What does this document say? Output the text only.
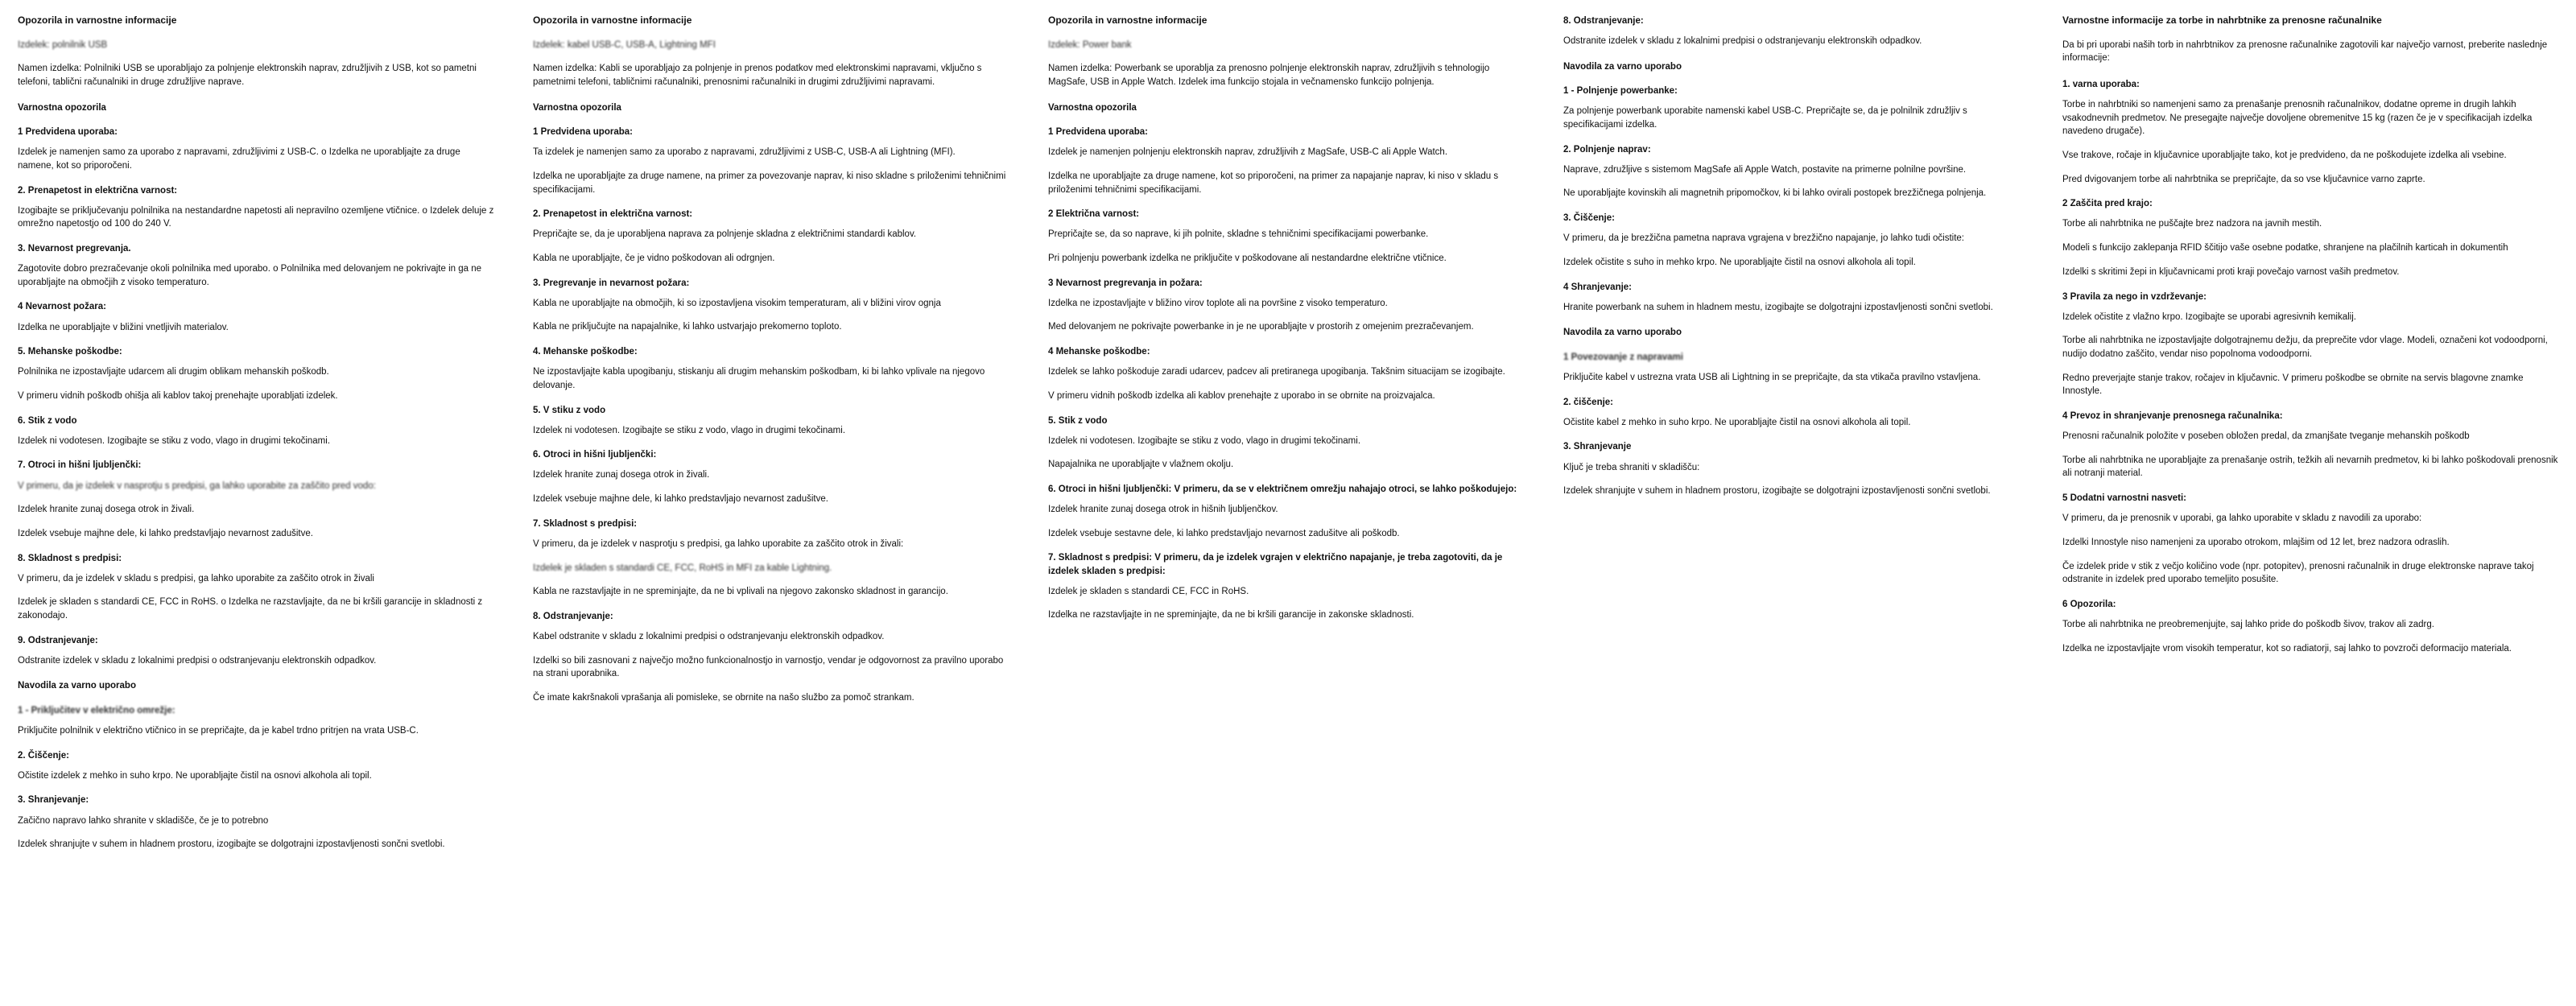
Opozorila in varnostne informacije

Izdelek: polnilnik USB

Namen izdelka: Polnilniki USB se uporabljajo za polnjenje elektronskih naprav, združljivih z USB, kot so pametni telefoni, tablični računalniki in druge združljive naprave.

Varnostna opozorila
1 Predvidena uporaba:

Izdelek je namenjen samo za uporabo z napravami, združljivimi z USB-C. o Izdelka ne uporabljajte za druge namene, kot so priporočeni.

2. Prenapetost in električna varnost:

Izogibajte se priključevanju polnilnika na nestandardne napetosti ali nepravilno ozemljene vtičnice. o Izdelek deluje z omrežno napetostjo od 100 do 240 V.

3. Nevarnost pregrevanja.

Zagotovite dobro prezračevanje okoli polnilnika med uporabo. o Polnilnika med delovanjem ne pokrivajte in ga ne uporabljajte na območjih z visoko temperaturo.

4 Nevarnost požara:

Izdelka ne uporabljajte v bližini vnetljivih materialov.

5. Mehanske poškodbe:

Polnilnika ne izpostavljajte udarcem ali drugim oblikam mehanskih poškodb.

V primeru vidnih poškodb ohišja ali kablov takoj prenehajte uporabljati izdelek.

6. Stik z vodo

Izdelek ni vodotesen. Izogibajte se stiku z vodo, vlago in drugimi tekočinami.

7. Otroci in hišni ljubljenčki:

V primeru, da je izdelek v nasprotju s predpisi, ga lahko uporabite za zaščito pred vodo:

Izdelek hranite zunaj dosega otrok in živali.

Izdelek vsebuje majhne dele, ki lahko predstavljajo nevarnost zadušitve.

8. Skladnost s predpisi:

V primeru, da je izdelek v skladu s predpisi, ga lahko uporabite za zaščito otrok in živali

Izdelek je skladen s standardi CE, FCC in RoHS. o Izdelka ne razstavljajte, da ne bi kršili garancije in skladnosti z zakonodajo.

9. Odstranjevanje:

Odstranite izdelek v skladu z lokalnimi predpisi o odstranjevanju elektronskih odpadkov.

Navodila za varno uporabo
1 - Priključitev v električno omrežje:

Priključite polnilnik v električno vtičnico in se prepričajte, da je kabel trdno pritrjen na vrata USB-C.

2. Čiščenje:

Očistite izdelek z mehko in suho krpo. Ne uporabljajte čistil na osnovi alkohola ali topil.

3. Shranjevanje:

Začično napravo lahko shranite v skladišče, če je to potrebno

Izdelek shranjujte v suhem in hladnem prostoru, izogibajte se dolgotrajni izpostavljenosti sončni svetlobi.

Opozorila in varnostne informacije

Izdelek: kabel USB-C, USB-A, Lightning MFI

Namen izdelka: Kabli se uporabljajo za polnjenje in prenos podatkov med elektronskimi napravami, vključno s pametnimi telefoni, tabličnimi računalniki, prenosnimi računalniki in drugimi združljivimi napravami.

Varnostna opozorila
1 Predvidena uporaba:

Ta izdelek je namenjen samo za uporabo z napravami, združljivimi z USB-C, USB-A ali Lightning (MFI).

Izdelka ne uporabljajte za druge namene, na primer za povezovanje naprav, ki niso skladne s priloženimi tehničnimi specifikacijami.

2. Prenapetost in električna varnost:

Prepričajte se, da je uporabljena naprava za polnjenje skladna z električnimi standardi kablov.

Kabla ne uporabljajte, če je vidno poškodovan ali odrgnjen.

3. Pregrevanje in nevarnost požara:

Kabla ne uporabljajte na območjih, ki so izpostavljena visokim temperaturam, ali v bližini virov ognja

Kabla ne priključujte na napajalnike, ki lahko ustvarjajo prekomerno toploto.

4. Mehanske poškodbe:

Ne izpostavljajte kabla upogibanju, stiskanju ali drugim mehanskim poškodbam, ki bi lahko vplivale na njegovo delovanje.

5. V stiku z vodo

Izdelek ni vodotesen. Izogibajte se stiku z vodo, vlago in drugimi tekočinami.

6. Otroci in hišni ljubljenčki:

Izdelek hranite zunaj dosega otrok in živali.

Izdelek vsebuje majhne dele, ki lahko predstavljajo nevarnost zadušitve.

7. Skladnost s predpisi:

V primeru, da je izdelek v nasprotju s predpisi, ga lahko uporabite za zaščito otrok in živali:

Izdelek je skladen s standardi CE, FCC, RoHS in MFI za kable Lightning.

Kabla ne razstavljajte in ne spreminjajte, da ne bi vplivali na njegovo zakonsko skladnost in garancijo.

8. Odstranjevanje:

Kabel odstranite v skladu z lokalnimi predpisi o odstranjevanju elektronskih odpadkov.

Izdelki so bili zasnovani z največjo možno funkcionalnostjo in varnostjo, vendar je odgovornost za pravilno uporabo na strani uporabnika.

Če imate kakršnakoli vprašanja ali pomisleke, se obrnite na našo službo za pomoč strankam.

Opozorila in varnostne informacije

Izdelek: Power bank

Namen izdelka: Powerbank se uporablja za prenosno polnjenje elektronskih naprav, združljivih s tehnologijo MagSafe, USB in Apple Watch. Izdelek ima funkcijo stojala in večnamensko funkcijo polnjenja.

Varnostna opozorila
1 Predvidena uporaba:

Izdelek je namenjen polnjenju elektronskih naprav, združljivih z MagSafe, USB-C ali Apple Watch.

Izdelka ne uporabljajte za druge namene, kot so priporočeni, na primer za napajanje naprav, ki niso v skladu s priloženimi tehničnimi specifikacijami.

2 Električna varnost:

Prepričajte se, da so naprave, ki jih polnite, skladne s tehničnimi specifikacijami powerbanke.

Pri polnjenju powerbank izdelka ne priključite v poškodovane ali nestandardne električne vtičnice.

3 Nevarnost pregrevanja in požara:

Izdelka ne izpostavljajte v bližino virov toplote ali na površine z visoko temperaturo.

Med delovanjem ne pokrivajte powerbanke in je ne uporabljajte v prostorih z omejenim prezračevanjem.

4 Mehanske poškodbe:

Izdelek se lahko poškoduje zaradi udarcev, padcev ali pretiranega upogibanja. Takšnim situacijam se izogibajte.

V primeru vidnih poškodb izdelka ali kablov prenehajte z uporabo in se obrnite na proizvajalca.

5. Stik z vodo

Izdelek ni vodotesen. Izogibajte se stiku z vodo, vlago in drugimi tekočinami.

Napajalnika ne uporabljajte v vlažnem okolju.

6. Otroci in hišni ljubljenčki: V primeru, da se v električnem omrežju nahajajo otroci, se lahko poškodujejo:

Izdelek hranite zunaj dosega otrok in hišnih ljubljenčkov.

Izdelek vsebuje sestavne dele, ki lahko predstavljajo nevarnost zadušitve ali poškodb.

7. Skladnost s predpisi: V primeru, da je izdelek vgrajen v električno napajanje, je treba zagotoviti, da je izdelek skladen s predpisi:

Izdelek je skladen s standardi CE, FCC in RoHS.

Izdelka ne razstavljajte in ne spreminjajte, da ne bi kršili garancije in zakonske skladnosti.

8. Odstranjevanje:

Odstranite izdelek v skladu z lokalnimi predpisi o odstranjevanju elektronskih odpadkov.

Navodila za varno uporabo
1 - Polnjenje powerbanke:

Za polnjenje powerbank uporabite namenski kabel USB-C. Prepričajte se, da je polnilnik združljiv s specifikacijami izdelka.

2. Polnjenje naprav:

Naprave, združljive s sistemom MagSafe ali Apple Watch, postavite na primerne polnilne površine.

Ne uporabljajte kovinskih ali magnetnih pripomočkov, ki bi lahko ovirali postopek brezžičnega polnjenja.

3. Čiščenje:

V primeru, da je brezžična pametna naprava vgrajena v brezžično napajanje, jo lahko tudi očistite:

Izdelek očistite s suho in mehko krpo. Ne uporabljajte čistil na osnovi alkohola ali topil.

4 Shranjevanje:

Hranite powerbank na suhem in hladnem mestu, izogibajte se dolgotrajni izpostavljenosti sončni svetlobi.

Navodila za varno uporabo
1 Povezovanje z napravami

Priključite kabel v ustrezna vrata USB ali Lightning in se prepričajte, da sta vtikača pravilno vstavljena.

2. čiščenje:

Očistite kabel z mehko in suho krpo. Ne uporabljajte čistil na osnovi alkohola ali topil.

3. Shranjevanje

Ključ je treba shraniti v skladišču:

Izdelek shranjujte v suhem in hladnem prostoru, izogibajte se dolgotrajni izpostavljenosti sončni svetlobi.

Varnostne informacije za torbe in nahrbtnike za prenosne računalnike

Da bi pri uporabi naših torb in nahrbtnikov za prenosne računalnike zagotovili kar največjo varnost, preberite naslednje informacije:

1. varna uporaba:

Torbe in nahrbtniki so namenjeni samo za prenašanje prenosnih računalnikov, dodatne opreme in drugih lahkih vsakodnevnih predmetov. Ne presegajte največje dovoljene obremenitve 15 kg (razen če je v specifikacijah izdelka navedeno drugače).

Vse trakove, ročaje in ključavnice uporabljajte tako, kot je predvideno, da ne poškodujete izdelka ali vsebine.

Pred dvigovanjem torbe ali nahrbtnika se prepričajte, da so vse ključavnice varno zaprte.

2 Zaščita pred krajo:

Torbe ali nahrbtnika ne puščajte brez nadzora na javnih mestih.

Modeli s funkcijo zaklepanja RFID ščitijo vaše osebne podatke, shranjene na plačilnih karticah in dokumentih

Izdelki s skritimi žepi in ključavnicami proti kraji povečajo varnost vaših predmetov.

3 Pravila za nego in vzdrževanje:

Izdelek očistite z vlažno krpo. Izogibajte se uporabi agresivnih kemikalij.

Torbe ali nahrbtnika ne izpostavljajte dolgotrajnemu dežju, da preprečite vdor vlage. Modeli, označeni kot vodoodporni, nudijo dodatno zaščito, vendar niso popolnoma vodoodporni.

Redno preverjajte stanje trakov, ročajev in ključavnic. V primeru poškodbe se obrnite na servis blagovne znamke Innostyle.

4 Prevoz in shranjevanje prenosnega računalnika:

Prenosni računalnik položite v poseben obložen predal, da zmanjšate tveganje mehanskih poškodb

Torbe ali nahrbtnika ne uporabljajte za prenašanje ostrih, težkih ali nevarnih predmetov, ki bi lahko poškodovali prenosnik ali notranji material.

5 Dodatni varnostni nasveti:

V primeru, da je prenosnik v uporabi, ga lahko uporabite v skladu z navodili za uporabo:

Izdelki Innostyle niso namenjeni za uporabo otrokom, mlajšim od 12 let, brez nadzora odraslih.

Če izdelek pride v stik z večjo količino vode (npr. potopitev), prenosni računalnik in druge elektronske naprave takoj odstranite in izdelek pred uporabo temeljito posušite.

6 Opozorila:

Torbe ali nahrbtnika ne preobremenjujte, saj lahko pride do poškodb šivov, trakov ali zadrg.

Izdelka ne izpostavljajte vrom visokih temperatur, kot so radiatorji, saj lahko to povzroči deformacijo materiala.
